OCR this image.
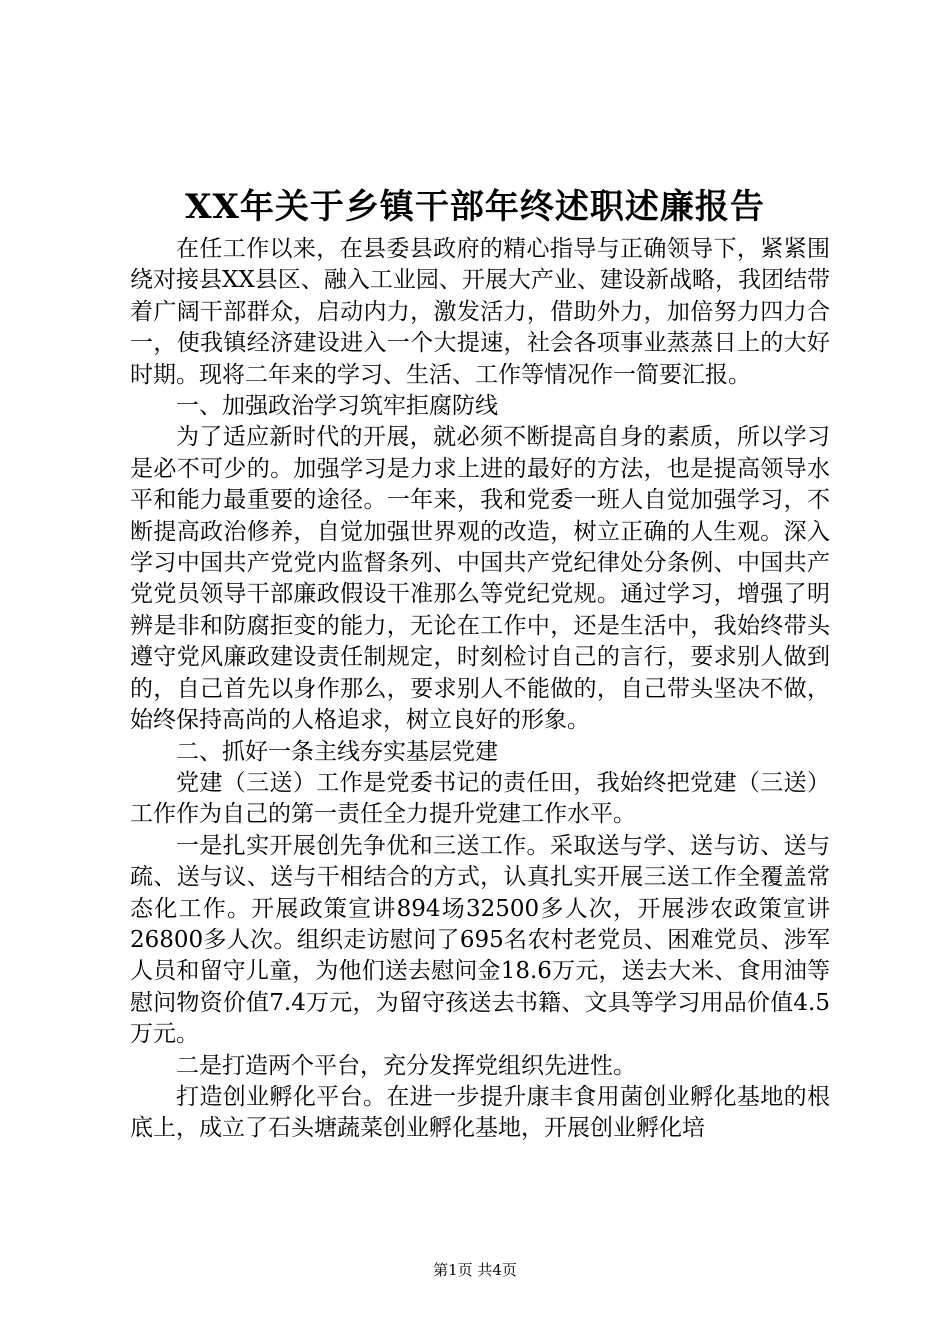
XX年关于乡镇干部年终述职述廉报告

在任工作以来，在县委县政府的精心指导与正确领导下，紧紧围绕对接县XX县区、融入工业园、开展大产业、建设新战略，我团结带着广阔干部群众，启动内力，激发活力，借助外力，加倍努力四力合一，使我镇经济建设进入一个大提速，社会各项事业蒸蒸日上的大好时期。现将二年来的学习、生活、工作等情况作一简要汇报。

一、加强政治学习筑牢拒腐防线

为了适应新时代的开展，就必须不断提高自身的素质，所以学习是必不可少的。加强学习是力求上进的最好的方法，也是提高领导水平和能力最重要的途径。一年来，我和党委一班人自觉加强学习，不断提高政治修养，自觉加强世界观的改造，树立正确的人生观。深入学习中国共产党党内监督条列、中国共产党纪律处分条例、中国共产党党员领导干部廉政假设干准那么等党纪党规。通过学习，增强了明辨是非和防腐拒变的能力，无论在工作中，还是生活中，我始终带头遵守党风廉政建设责任制规定，时刻检讨自己的言行，要求别人做到的，自己首先以身作那么，要求别人不能做的，自己带头坚决不做，始终保持高尚的人格追求，树立良好的形象。

二、抓好一条主线夯实基层党建

党建（三送）工作是党委书记的责任田，我始终把党建（三送）工作作为自己的第一责任全力提升党建工作水平。

一是扎实开展创先争优和三送工作。采取送与学、送与访、送与疏、送与议、送与干相结合的方式，认真扎实开展三送工作全覆盖常态化工作。开展政策宣讲894场32500多人次，开展涉农政策宣讲26800多人次。组织走访慰问了695名农村老党员、困难党员、涉军人员和留守儿童，为他们送去慰问金18.6万元，送去大米、食用油等慰问物资价值7.4万元，为留守孩送去书籍、文具等学习用品价值4.5万元。

二是打造两个平台，充分发挥党组织先进性。

打造创业孵化平台。在进一步提升康丰食用菌创业孵化基地的根底上，成立了石头塘蔬菜创业孵化基地，开展创业孵化培

第1页 共4页
